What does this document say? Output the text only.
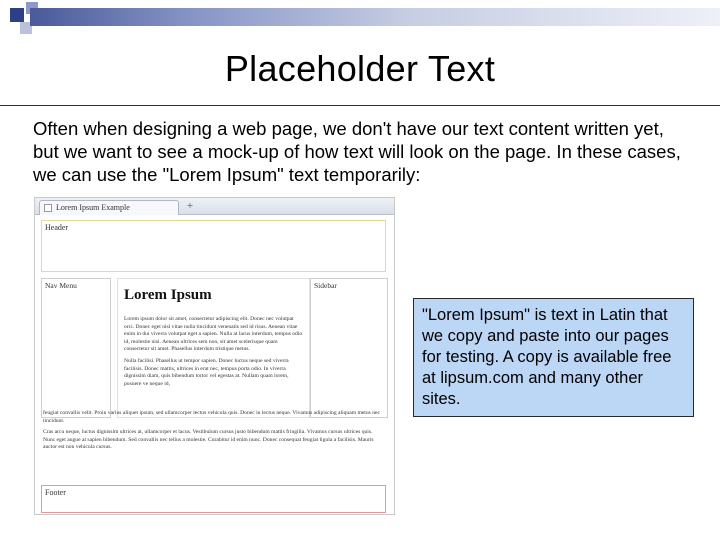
Placeholder Text

Often when designing a web page, we don't have our text content written yet, but we want to see a mock-up of how text will look on the page. In these cases, we can use the "Lorem Ipsum" text temporarily:

Lorem Ipsum Example	+
Header
Nav Menu	Sidebar
Lorem Ipsum

Lorem ipsum dolor sit amet, consectetur adipiscing elit. Donec nec volutpat orci. Donec eget nisl vitae nulla tincidunt venenatis sed id risus. Aenean vitae enim in dui viverra volutpat eget a sapien. Nulla at lacus interdum, tempus odio id, molestie nisi. Aenean ultrices sem non, sit amet scelerisque quam consectetur sit amet. Phasellus interdum tristique metus.

Nulla facilisi. Phasellus ut tempor sapien. Donec luctus neque sed viverra facilisis. Donec mattis, ultrices in erat nec, tempus porta odio. In viverra dignissim diam, quis bibendum tortor vel egestas at. Nullam quam lorem, posuere ve neque id,

feugiat convallis velit. Proin varius aliquet ipsum, sed ullamcorper lectus vehicula quis. Donec in lectus neque. Vivamus adipiscing aliquam metus nec tincidunt.

Cras arcu neque, luctus dignissim ultrices at, ullamcorper et lacus. Vestibulum cursus justo bibendum mattis fringilla. Vivamus cursus ultrices quis. Nunc eget augue at sapien bibendum. Sed convallis nec tellus a molestie. Curabitur id enim nunc. Donec consequat feugiat ligula a facilisis. Mauris auctor est non vehicula cursus.

Footer
"Lorem Ipsum" is text in Latin that we copy and paste into our pages for testing. A copy is available free at lipsum.com and many other sites.
